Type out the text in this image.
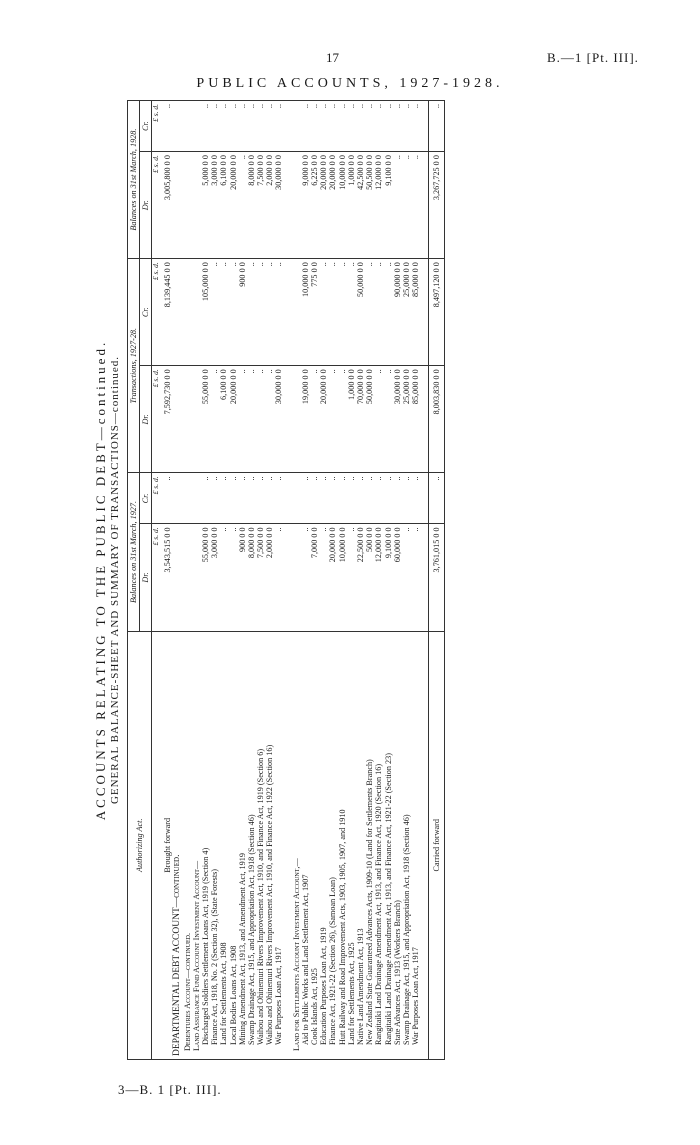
17	B.—1 [Pt. III].
PUBLIC ACCOUNTS, 1927-1928.
ACCOUNTS RELATING TO THE PUBLIC DEBT—continued. GENERAL BALANCE-SHEET AND SUMMARY OF TRANSACTIONS—continued.
Authorizing Act.	Balances on 31st March, 1927.		Transactions, 1927-28.		Balances on 31st March, 1928.	
	Dr.	Cr.	Dr.	Cr.	Dr.	Cr.
	£ s. d.	£ s. d.	£ s. d.	£ s. d.	£ s. d.	£ s. d.
Brought forward	3,543,515 0 0	..	7,592,730 0 0	8,139,445 0 0	3,005,800 0 0	..
DEPARTMENTAL DEBT ACCOUNT—continued.						
Debentures Account—continued.						
Land Assurance Fund Account Investment Account—						
Discharged Soldiers Settlement Loans Act, 1919 (Section 4)	55,000 0 0	..	55,000 0 0	105,000 0 0	5,000 0 0	..
Finance Act, 1918, No. 2 (Section 32), (State Forests)	3,000 0 0	..	..	..	3,000 0 0	..
Land for Settlements Act, 1908	..	..	6,100 0 0	..	6,100 0 0	..
Local Bodies Loans Act, 1908	..	..	20,000 0 0	..	20,000 0 0	..
Mining Amendment Act, 1913, and Amendment Act, 1919	900 0 0	..	..	900 0 0	..	..
Swamp Drainage Act, 1915, and Appropriation Act, 1918 (Section 46)	8,000 0 0	..	..	..	8,000 0 0	..
Waihou and Ohinemuri Rivers Improvement Act, 1910, and Finance Act, 1919 (Section 6)	7,500 0 0	..	..	..	7,500 0 0	..
Waihou and Ohinemuri Rivers Improvement Act, 1910, and Finance Act, 1922 (Section 16)	2,000 0 0	..	..	..	2,000 0 0	..
War Purposes Loan Act, 1917	..	..	30,000 0 0	..	30,000 0 0	..

Land for Settlements Account Investment Account,—						
Aid to Public Works and Land Settlement Act, 1907	..	..	19,000 0 0	10,000 0 0	9,000 0 0	..
Cook Islands Act, 1925	7,000 0 0	..	..	775 0 0	6,225 0 0	..
Education Purposes Loan Act, 1919	..	..	20,000 0 0	..	20,000 0 0	..
Finance Act, 1921-22 (Section 26), (Samoan Loan)	20,000 0 0	..	..	..	20,000 0 0	..
Hutt Railway and Road Improvement Acts, 1903, 1905, 1907, and 1910	10,000 0 0	..	..	..	10,000 0 0	..
Land for Settlements Act, 1925	..	..	1,000 0 0	..	1,000 0 0	..
Native Land Amendment Act, 1913	22,500 0 0	..	70,000 0 0	50,000 0 0	42,500 0 0	..
New Zealand State Guaranteed Advances Acts, 1909-10 (Land for Settlements Branch)	500 0 0	..	50,000 0 0	..	50,500 0 0	..
Rangitaiki Land Drainage Amendment Act, 1913, and Finance Act, 1920 (Section 16)	12,000 0 0	..	..	..	12,000 0 0	..
Rangitaiki Land Drainage Amendment Act, 1913, and Finance Act, 1921-22 (Section 23)	9,100 0 0	..	..	..	9,100 0 0	..
State Advances Act, 1913 (Workers Branch)	60,000 0 0	..	30,000 0 0	90,000 0 0	..	..
Swamp Drainage Act, 1915, and Appropriation Act, 1918 (Section 46)	..	..	25,000 0 0	25,000 0 0	..	..
War Purposes Loan Act, 1917	..	..	85,000 0 0	85,000 0 0	..	..

Carried forward	3,761,015 0 0	..	8,003,830 0 0	8,497,120 0 0	3,267,725 0 0	..
3—B. 1 [Pt. III].
